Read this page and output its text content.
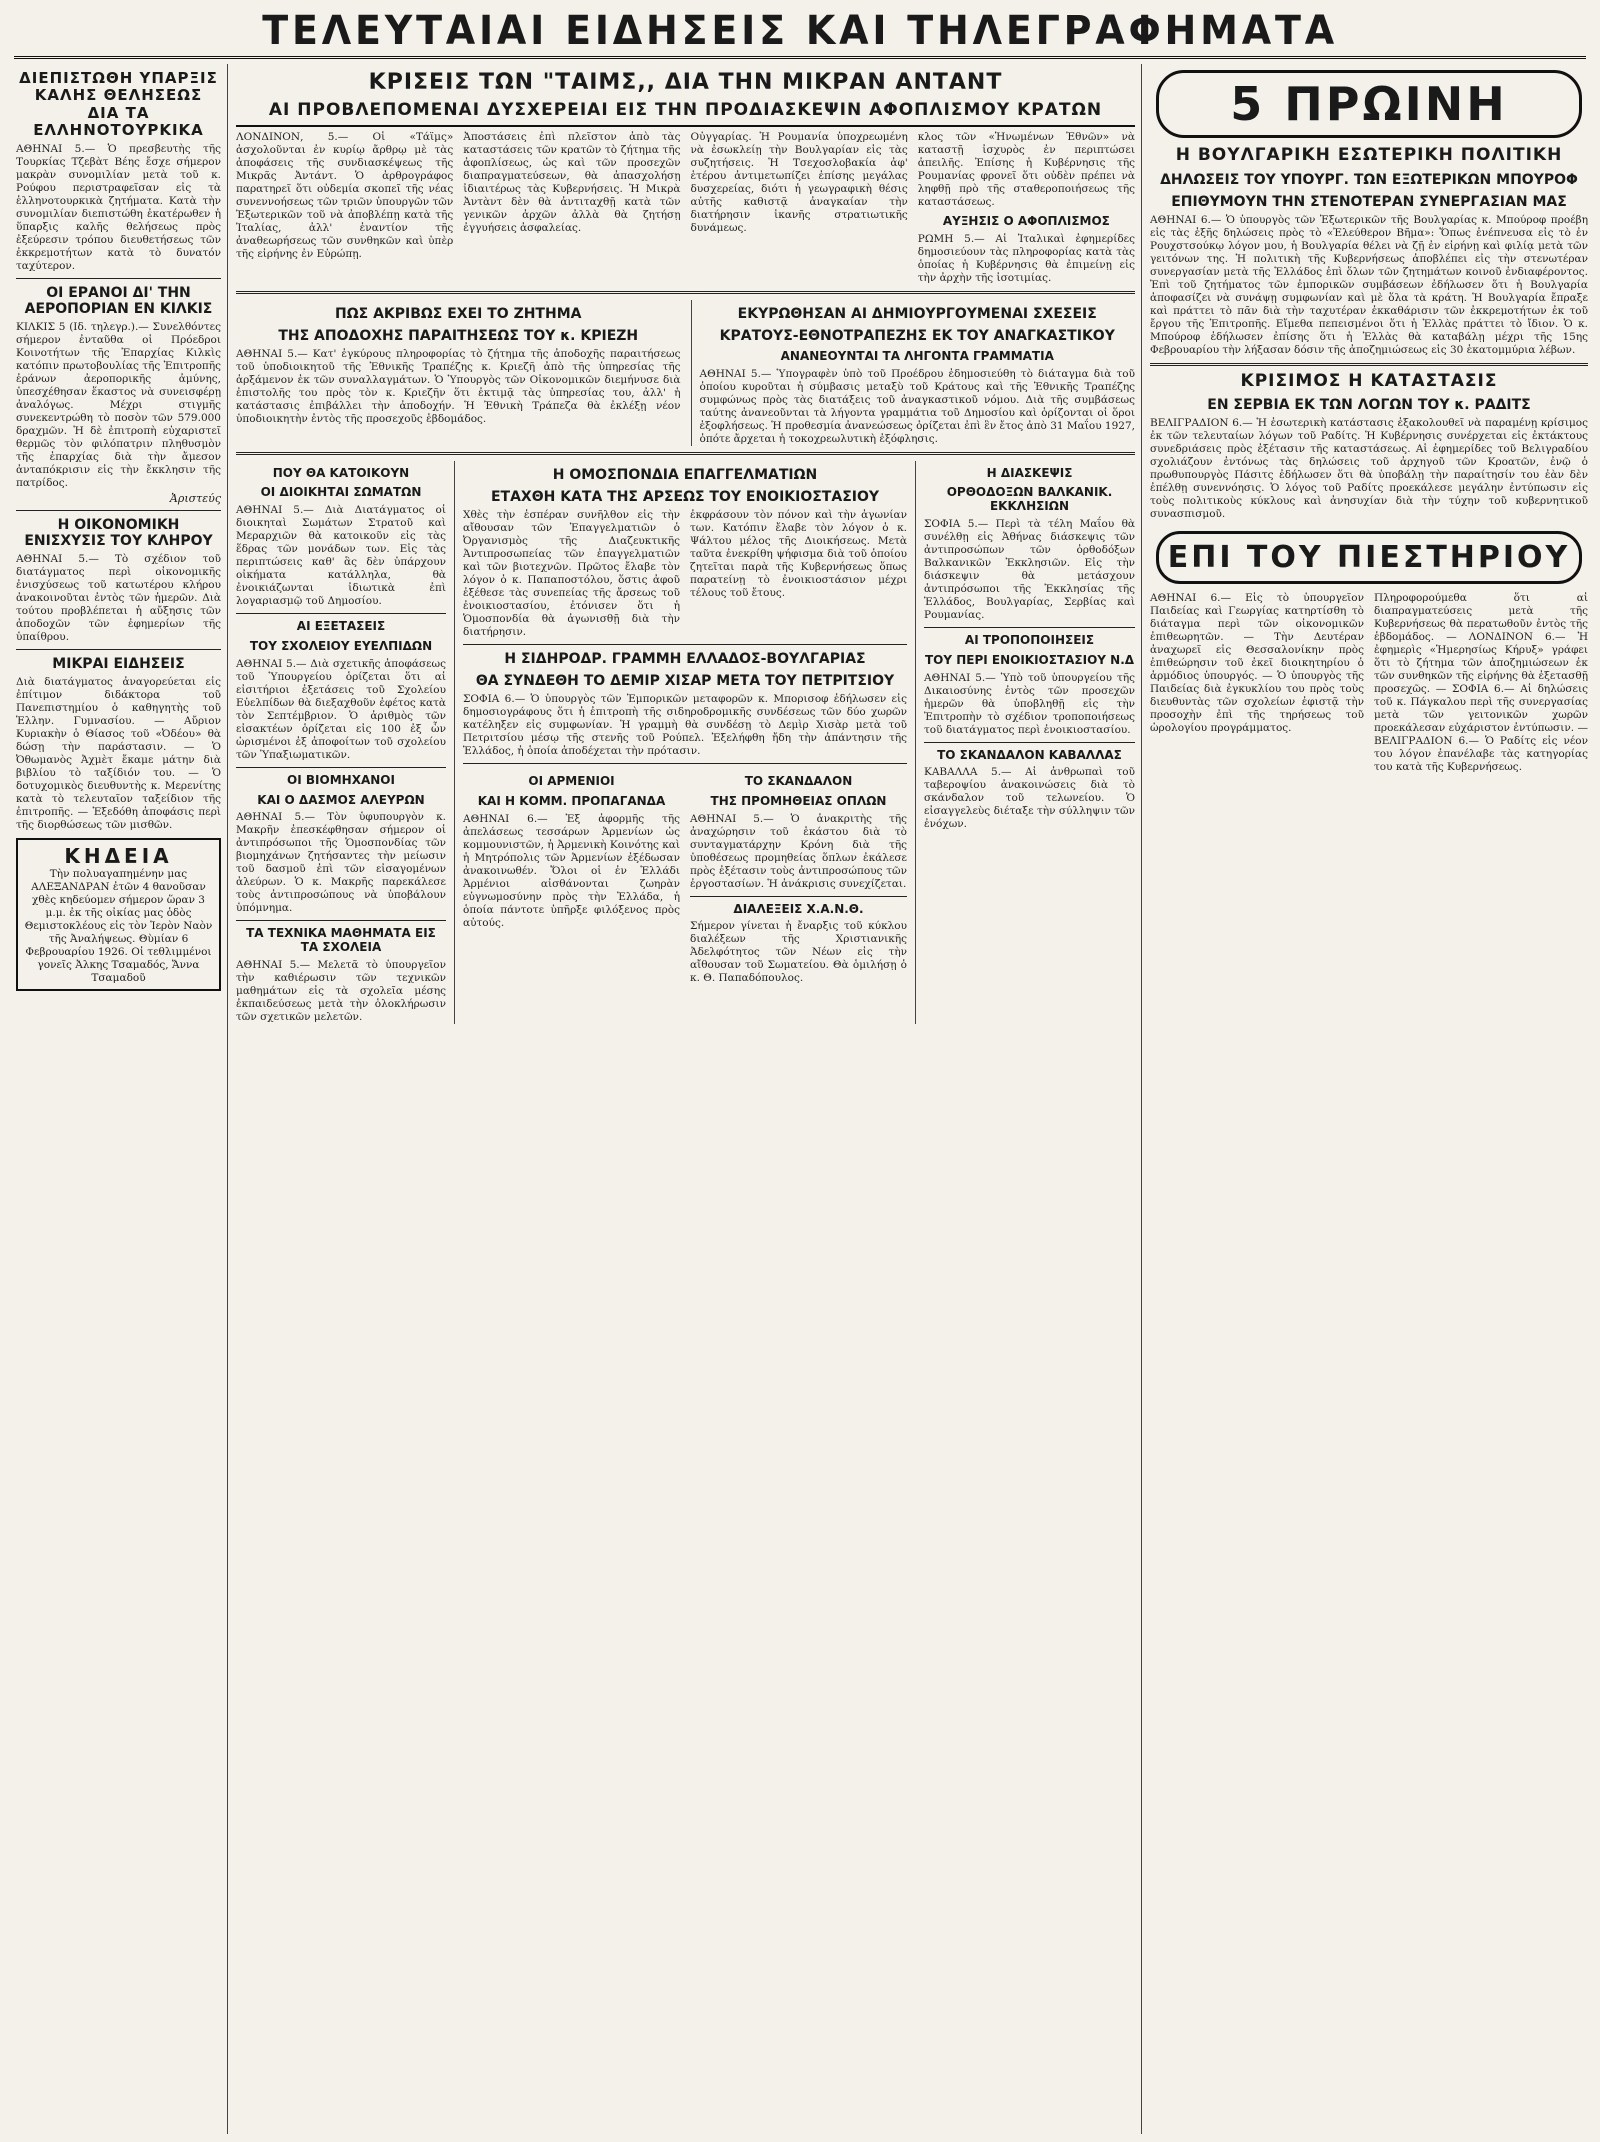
ΤΕΛΕΥΤΑΙΑΙ ΕΙΔΗΣΕΙΣ ΚΑΙ ΤΗΛΕΓΡΑΦΗΜΑΤΑ
ΔΙΕΠΙΣΤΩΘΗ ΥΠΑΡΞΙΣ ΚΑΛΗΣ ΘΕΛΗΣΕΩΣ ΔΙΑ ΤΑ ΕΛΛΗΝΟΤΟΥΡΚΙΚΑ
ΑΘΗΝΑΙ 5.— Ὁ πρεσβευτὴς τῆς Τουρκίας Τζεβὰτ Βέης ἔσχε σήμερον μακρὰν συνομιλίαν μετὰ τοῦ κ. Ρούφου περιστραφεῖσαν εἰς τὰ ἑλληνοτουρκικὰ ζητήματα. Κατὰ τὴν συνομιλίαν διεπιστώθη ἐκατέρωθεν ἡ ὕπαρξις καλῆς θελήσεως πρὸς ἐξεύρεσιν τρόπου διευθετήσεως τῶν ἐκκρεμοτήτων κατὰ τὸ δυνατόν ταχύτερον.
ΟΙ ΕΡΑΝΟΙ ΔΙ' ΤΗΝ ΑΕΡΟΠΟΡΙΑΝ ΕΝ ΚΙΛΚΙΣ
ΚΙΛΚΙΣ 5 (Ιδ. τηλεγρ.).— Συνελθόντες σήμερον ἐνταῦθα οἱ Πρόεδροι Κοινοτήτων τῆς Ἐπαρχίας Κιλκὶς κατόπιν πρωτοβουλίας τῆς Ἐπιτροπῆς ἐράνων ἀεροπορικῆς ἀμύνης, ὑπεσχέθησαν ἕκαστος νὰ συνεισφέρῃ ἀναλόγως. Μέχρι στιγμῆς συνεκεντρώθη τὸ ποσὸν τῶν 579.000 δραχμῶν. Ἡ δὲ ἐπιτροπὴ εὐχαριστεῖ θερμῶς τὸν φιλόπατριν πληθυσμὸν τῆς ἐπαρχίας διὰ τὴν ἄμεσον ἀνταπόκρισιν εἰς τὴν ἔκκλησιν τῆς πατρίδος.
Ἀριστεύς
Η ΟΙΚΟΝΟΜΙΚΗ ΕΝΙΣΧΥΣΙΣ ΤΟΥ ΚΛΗΡΟΥ
ΑΘΗΝΑΙ 5.— Τὸ σχέδιον τοῦ διατάγματος περὶ οἰκονομικῆς ἐνισχύσεως τοῦ κατωτέρου κλήρου ἀνακοινοῦται ἐντὸς τῶν ἡμερῶν. Διὰ τούτου προβλέπεται ἡ αὔξησις τῶν ἀποδοχῶν τῶν ἐφημερίων τῆς ὑπαίθρου.
ΜΙΚΡΑΙ ΕΙΔΗΣΕΙΣ
Διὰ διατάγματος ἀναγορεύεται εἰς ἐπίτιμον διδάκτορα τοῦ Πανεπιστημίου ὁ καθηγητὴς τοῦ Ἑλλην. Γυμνασίου. — Αὔριον Κυριακὴν ὁ Θίασος τοῦ «Ὀδέου» θὰ δώσῃ τὴν παράστασιν. — Ὁ Ὀθωμανὸς Ἀχμὲτ ἔκαμε μάτην διὰ βιβλίου τὸ ταξίδιόν του. — Ὁ δοτυχομικὸς διευθυντὴς κ. Μερενίτης κατὰ τὸ τελευταῖον ταξείδιον τῆς ἐπιτροπῆς. — Ἐξεδόθη ἀποφάσις περὶ τῆς διορθώσεως τῶν μισθῶν.
ΚΗΔΕΙΑ
Τὴν πολυαγαπημένην μας ΑΛΕΞΑΝΔΡΑΝ ἐτῶν 4 θανοῦσαν χθὲς κηδεύομεν σήμερον ὥραν 3 μ.μ. ἐκ τῆς οἰκίας μας ὁδὸς Θεμιστοκλέους εἰς τὸν Ἱερὸν Ναὸν τῆς Ἀναλήψεως. Θὺμίαν 6 Φεβρουαρίου 1926. Οἱ τεθλιμμένοι γονεῖς Ἀλκης Τσαμαδός, Ἄννα Τσαμαδοῦ
ΚΡΙΣΕΙΣ ΤΩΝ "ΤΑΙΜΣ,, ΔΙΑ ΤΗΝ ΜΙΚΡΑΝ ΑΝΤΑΝΤ
ΑΙ ΠΡΟΒΛΕΠΟΜΕΝΑΙ ΔΥΣΧΕΡΕΙΑΙ ΕΙΣ ΤΗΝ ΠΡΟΔΙΑΣΚΕΨΙΝ ΑΦΟΠΛΙΣΜΟΥ ΚΡΑΤΩΝ
ΛΟΝΔΙΝΟΝ, 5.— Οἱ «Τάϊμς» ἀσχολοῦνται ἐν κυρίῳ ἄρθρῳ μὲ τὰς ἀποφάσεις τῆς συνδιασκέψεως τῆς Μικρᾶς Ἀντάντ. Ὁ ἀρθρογράφος παρατηρεῖ ὅτι οὐδεμία σκοπεῖ τῆς νέας συνεννοήσεως τῶν τριῶν ὑπουργῶν τῶν Ἐξωτερικῶν τοῦ νὰ ἀποβλέπῃ κατὰ τῆς Ἰταλίας, ἀλλ' ἐναντίον τῆς ἀναθεωρήσεως τῶν συνθηκῶν καὶ ὑπὲρ τῆς εἰρήνης ἐν Εὐρώπῃ.
Ἀποστάσεις ἐπὶ πλεῖστον ἀπὸ τὰς καταστάσεις τῶν κρατῶν τὸ ζήτημα τῆς ἀφοπλίσεως, ὡς καὶ τῶν προσεχῶν διαπραγματεύσεων, θὰ ἀπασχολήσῃ ἰδιαιτέρως τὰς Κυβερνήσεις. Ἡ Μικρὰ Ἀντὰντ δὲν θὰ ἀντιταχθῇ κατὰ τῶν γενικῶν ἀρχῶν ἀλλὰ θὰ ζητήσῃ ἐγγυήσεις ἀσφαλείας.
Οὐγγαρίας. Ἡ Ρουμανία ὑποχρεωμένη νὰ ἐσωκλείῃ τὴν Βουλγαρίαν εἰς τὰς συζητήσεις. Ἡ Τσεχοσλοβακία ἀφ' ἑτέρου ἀντιμετωπίζει ἐπίσης μεγάλας δυσχερείας, διότι ἡ γεωγραφικὴ θέσις αὐτῆς καθιστᾷ ἀναγκαίαν τὴν διατήρησιν ἱκανῆς στρατιωτικῆς δυνάμεως.
κλος τῶν «Ἡνωμένων Ἐθνῶν» νὰ καταστῇ ἰσχυρὸς ἐν περιπτώσει ἀπειλῆς. Ἐπίσης ἡ Κυβέρνησις τῆς Ρουμανίας φρονεῖ ὅτι οὐδὲν πρέπει νὰ ληφθῇ πρὸ τῆς σταθεροποιήσεως τῆς καταστάσεως.
ΑΥΞΗΣΙΣ Ο ΑΦΟΠΛΙΣΜΟΣ
ΡΩΜΗ 5.— Αἱ Ἰταλικαὶ ἐφημερίδες δημοσιεύουν τὰς πληροφορίας κατὰ τὰς ὁποίας ἡ Κυβέρνησις θὰ ἐπιμείνῃ εἰς τὴν ἀρχὴν τῆς ἰσοτιμίας.
ΠΩΣ ΑΚΡΙΒΩΣ ΕΧΕΙ ΤΟ ΖΗΤΗΜΑ
ΤΗΣ ΑΠΟΔΟΧΗΣ ΠΑΡΑΙΤΗΣΕΩΣ ΤΟΥ κ. ΚΡΙΕΖΗ
ΑΘΗΝΑΙ 5.— Κατ' ἐγκύρους πληροφορίας τὸ ζήτημα τῆς ἀποδοχῆς παραιτήσεως τοῦ ὑποδιοικητοῦ τῆς Ἐθνικῆς Τραπέζης κ. Κριεζῆ ἀπὸ τῆς ὑπηρεσίας τῆς ἀρξάμενον ἐκ τῶν συναλλαγμάτων. Ὁ Ὑπουργὸς τῶν Οἰκονομικῶν διεμήνυσε διὰ ἐπιστολῆς του πρὸς τὸν κ. Κριεζῆν ὅτι ἐκτιμᾷ τὰς ὑπηρεσίας του, ἀλλ' ἡ κατάστασις ἐπιβάλλει τὴν ἀποδοχήν. Ἡ Ἐθνικὴ Τράπεζα θὰ ἐκλέξῃ νέον ὑποδιοικητὴν ἐντὸς τῆς προσεχοῦς ἑβδομάδος.
ΕΚΥΡΩΘΗΣΑΝ ΑΙ ΔΗΜΙΟΥΡΓΟΥΜΕΝΑΙ ΣΧΕΣΕΙΣ
ΚΡΑΤΟΥΣ-ΕΘΝΟΤΡΑΠΕΖΗΣ ΕΚ ΤΟΥ ΑΝΑΓΚΑΣΤΙΚΟΥ
ΑΝΑΝΕΟΥΝΤΑΙ ΤΑ ΛΗΓΟΝΤΑ ΓΡΑΜΜΑΤΙΑ
ΑΘΗΝΑΙ 5.— Ὑπογραφὲν ὑπὸ τοῦ Προέδρου ἐδημοσιεύθη τὸ διάταγμα διὰ τοῦ ὁποίου κυροῦται ἡ σύμβασις μεταξὺ τοῦ Κράτους καὶ τῆς Ἐθνικῆς Τραπέζης συμφώνως πρὸς τὰς διατάξεις τοῦ ἀναγκαστικοῦ νόμου. Διὰ τῆς συμβάσεως ταύτης ἀνανεοῦνται τὰ λήγοντα γραμμάτια τοῦ Δημοσίου καὶ ὁρίζονται οἱ ὅροι ἐξοφλήσεως. Ἡ προθεσμία ἀνανεώσεως ὁρίζεται ἐπὶ ἓν ἔτος ἀπὸ 31 Μαΐου 1927, ὁπότε ἄρχεται ἡ τοκοχρεωλυτικὴ ἐξόφλησις.
ΠΟΥ ΘΑ ΚΑΤΟΙΚΟΥΝ
ΟΙ ΔΙΟΙΚΗΤΑΙ ΣΩΜΑΤΩΝ
ΑΘΗΝΑΙ 5.— Διὰ Διατάγματος οἱ διοικηταὶ Σωμάτων Στρατοῦ καὶ Μεραρχιῶν θὰ κατοικοῦν εἰς τὰς ἕδρας τῶν μονάδων των. Εἰς τὰς περιπτώσεις καθ' ἃς δὲν ὑπάρχουν οἰκήματα κατάλληλα, θὰ ἐνοικιάζωνται ἰδιωτικὰ ἐπὶ λογαριασμῷ τοῦ Δημοσίου.
ΑΙ ΕΞΕΤΑΣΕΙΣ
ΤΟΥ ΣΧΟΛΕΙΟΥ ΕΥΕΛΠΙΔΩΝ
ΑΘΗΝΑΙ 5.— Διὰ σχετικῆς ἀποφάσεως τοῦ Ὑπουργείου ὁρίζεται ὅτι αἱ εἰσιτήριοι ἐξετάσεις τοῦ Σχολείου Εὐελπίδων θὰ διεξαχθοῦν ἐφέτος κατὰ τὸν Σεπτέμβριον. Ὁ ἀριθμὸς τῶν εἰσακτέων ὁρίζεται εἰς 100 ἐξ ὧν ὠρισμένοι ἐξ ἀποφοίτων τοῦ σχολείου τῶν Ὑπαξιωματικῶν.
ΟΙ ΒΙΟΜΗΧΑΝΟΙ
ΚΑΙ Ο ΔΑΣΜΟΣ ΑΛΕΥΡΩΝ
ΑΘΗΝΑΙ 5.— Τὸν ὑφυπουργὸν κ. Μακρῆν ἐπεσκέφθησαν σήμερον οἱ ἀντιπρόσωποι τῆς Ὁμοσπονδίας τῶν βιομηχάνων ζητήσαντες τὴν μείωσιν τοῦ δασμοῦ ἐπὶ τῶν εἰσαγομένων ἀλεύρων. Ὁ κ. Μακρῆς παρεκάλεσε τοὺς ἀντιπροσώπους νὰ ὑποβάλουν ὑπόμνημα.
ΤΑ ΤΕΧΝΙΚΑ ΜΑΘΗΜΑΤΑ ΕΙΣ ΤΑ ΣΧΟΛΕΙΑ
ΑΘΗΝΑΙ 5.— Μελετᾶ τὸ ὑπουργεῖον τὴν καθιέρωσιν τῶν τεχνικῶν μαθημάτων εἰς τὰ σχολεῖα μέσης ἐκπαιδεύσεως μετὰ τὴν ὁλοκλήρωσιν τῶν σχετικῶν μελετῶν.
Η ΟΜΟΣΠΟΝΔΙΑ ΕΠΑΓΓΕΛΜΑΤΙΩΝ
ΕΤΑΧΘΗ ΚΑΤΑ ΤΗΣ ΑΡΣΕΩΣ ΤΟΥ ΕΝΟΙΚΙΟΣΤΑΣΙΟΥ
Χθὲς τὴν ἑσπέραν συνῆλθον εἰς τὴν αἴθουσαν τῶν Ἐπαγγελματιῶν ὁ Ὀργανισμὸς τῆς Διαζευκτικῆς Ἀντιπροσωπείας τῶν ἐπαγγελματιῶν καὶ τῶν βιοτεχνῶν. Πρῶτος ἔλαβε τὸν λόγον ὁ κ. Παπαποστόλου, ὅστις ἀφοῦ ἐξέθεσε τὰς συνεπείας τῆς ἄρσεως τοῦ ἐνοικιοστασίου, ἐτόνισεν ὅτι ἡ Ὁμοσπονδία θὰ ἀγωνισθῇ διὰ τὴν διατήρησιν.
ἐκφράσουν τὸν πόνον καὶ τὴν ἀγωνίαν των. Κατόπιν ἔλαβε τὸν λόγον ὁ κ. Ψάλτου μέλος τῆς Διοικήσεως. Μετὰ ταῦτα ἐνεκρίθη ψήφισμα διὰ τοῦ ὁποίου ζητεῖται παρὰ τῆς Κυβερνήσεως ὅπως παρατείνῃ τὸ ἐνοικιοστάσιον μέχρι τέλους τοῦ ἔτους.
Η ΣΙΔΗΡΟΔΡ. ΓΡΑΜΜΗ ΕΛΛΑΔΟΣ-ΒΟΥΛΓΑΡΙΑΣ
ΘΑ ΣΥΝΔΕΘΗ ΤΟ ΔΕΜΙΡ ΧΙΣΑΡ ΜΕΤΑ ΤΟΥ ΠΕΤΡΙΤΣΙΟΥ
ΣΟΦΙΑ 6.— Ὁ ὑπουργὸς τῶν Ἐμπορικῶν μεταφορῶν κ. Μπορισοφ ἐδήλωσεν εἰς δημοσιογράφους ὅτι ἡ ἐπιτροπὴ τῆς σιδηροδρομικῆς συνδέσεως τῶν δύο χωρῶν κατέληξεν εἰς συμφωνίαν. Ἡ γραμμὴ θὰ συνδέσῃ τὸ Δεμὶρ Χισὰρ μετὰ τοῦ Πετριτσίου μέσῳ τῆς στενῆς τοῦ Ρούπελ. Ἐξελήφθη ἤδη τὴν ἀπάντησιν τῆς Ἑλλάδος, ἡ ὁποία ἀποδέχεται τὴν πρότασιν.
ΟΙ ΑΡΜΕΝΙΟΙ
ΚΑΙ Η ΚΟΜΜ. ΠΡΟΠΑΓΑΝΔΑ
ΑΘΗΝΑΙ 6.— Ἐξ ἀφορμῆς τῆς ἀπελάσεως τεσσάρων Ἀρμενίων ὡς κομμουνιστῶν, ἡ Ἀρμενικὴ Κοινότης καὶ ἡ Μητρόπολις τῶν Ἀρμενίων ἐξέδωσαν ἀνακοινωθέν. Ὅλοι οἱ ἐν Ἑλλάδι Ἀρμένιοι αἰσθάνονται ζωηρὰν εὐγνωμοσύνην πρὸς τὴν Ἑλλάδα, ἡ ὁποία πάντοτε ὑπῆρξε φιλόξενος πρὸς αὐτούς.
ΤΟ ΣΚΑΝΔΑΛΟΝ
ΤΗΣ ΠΡΟΜΗΘΕΙΑΣ ΟΠΛΩΝ
ΑΘΗΝΑΙ 5.— Ὁ ἀνακριτὴς τῆς ἀναχώρησιν τοῦ ἑκάστου διὰ τὸ συνταγματάρχην Κρόνη διὰ τῆς ὑποθέσεως προμηθείας ὅπλων ἐκάλεσε πρὸς ἐξέτασιν τοὺς ἀντιπροσώπους τῶν ἐργοστασίων. Ἡ ἀνάκρισις συνεχίζεται.
ΔΙΑΛΕΞΕΙΣ Χ.Α.Ν.Θ.
Σήμερον γίνεται ἡ ἔναρξις τοῦ κύκλου διαλέξεων τῆς Χριστιανικῆς Ἀδελφότητος τῶν Νέων εἰς τὴν αἴθουσαν τοῦ Σωματείου. Θὰ ὁμιλήσῃ ὁ κ. Θ. Παπαδόπουλος.
Η ΔΙΑΣΚΕΨΙΣ
ΟΡΘΟΔΟΞΩΝ ΒΑΛΚΑΝΙΚ. ΕΚΚΛΗΣΙΩΝ
ΣΟΦΙΑ 5.— Περὶ τὰ τέλη Μαΐου θὰ συνέλθῃ εἰς Ἀθήνας διάσκεψις τῶν ἀντιπροσώπων τῶν ὀρθοδόξων Βαλκανικῶν Ἐκκλησιῶν. Εἰς τὴν διάσκεψιν θὰ μετάσχουν ἀντιπρόσωποι τῆς Ἐκκλησίας τῆς Ἑλλάδος, Βουλγαρίας, Σερβίας καὶ Ρουμανίας.
ΑΙ ΤΡΟΠΟΠΟΙΗΣΕΙΣ
ΤΟΥ ΠΕΡΙ ΕΝΟΙΚΙΟΣΤΑΣΙΟΥ Ν.Δ
ΑΘΗΝΑΙ 5.— Ὑπὸ τοῦ ὑπουργείου τῆς Δικαιοσύνης ἐντὸς τῶν προσεχῶν ἡμερῶν θὰ ὑποβληθῇ εἰς τὴν Ἐπιτροπὴν τὸ σχέδιον τροποποιήσεως τοῦ διατάγματος περὶ ἐνοικιοστασίου.
ΤΟ ΣΚΑΝΔΑΛΟΝ ΚΑΒΑΛΛΑΣ
ΚΑΒΑΛΛΑ 5.— Αἱ ἀνθρωπαὶ τοῦ ταβεροψίου ἀνακοινώσεις διὰ τὸ σκάνδαλον τοῦ τελωνείου. Ὁ εἰσαγγελεὺς διέταξε τὴν σύλληψιν τῶν ἐνόχων.
5 ΠΡΩΙΝΗ
Η ΒΟΥΛΓΑΡΙΚΗ ΕΣΩΤΕΡΙΚΗ ΠΟΛΙΤΙΚΗ
ΔΗΛΩΣΕΙΣ ΤΟΥ ΥΠΟΥΡΓ. ΤΩΝ ΕΞΩΤΕΡΙΚΩΝ ΜΠΟΥΡΟΦ
ΕΠΙΘΥΜΟΥΝ ΤΗΝ ΣΤΕΝΟΤΕΡΑΝ ΣΥΝΕΡΓΑΣΙΑΝ ΜΑΣ
ΑΘΗΝΑΙ 6.— Ὁ ὑπουργὸς τῶν Ἐξωτερικῶν τῆς Βουλγαρίας κ. Μπούροφ προέβη εἰς τὰς ἑξῆς δηλώσεις πρὸς τὸ «Ἐλεύθερον Βῆμα»: Ὅπως ἐνέπνευσα εἰς τὸ ἐν Ρουχστσούκῳ λόγον μου, ἡ Βουλγαρία θέλει νὰ ζῇ ἐν εἰρήνῃ καὶ φιλίᾳ μετὰ τῶν γειτόνων της. Ἡ πολιτικὴ τῆς Κυβερνήσεως ἀποβλέπει εἰς τὴν στενωτέραν συνεργασίαν μετὰ τῆς Ἑλλάδος ἐπὶ ὅλων τῶν ζητημάτων κοινοῦ ἐνδιαφέροντος. Ἐπὶ τοῦ ζητήματος τῶν ἐμπορικῶν συμβάσεων ἐδήλωσεν ὅτι ἡ Βουλγαρία ἀποφασίζει νὰ συνάψῃ συμφωνίαν καὶ μὲ ὅλα τὰ κράτη. Ἡ Βουλγαρία ἔπραξε καὶ πράττει τὸ πᾶν διὰ τὴν ταχυτέραν ἐκκαθάρισιν τῶν ἐκκρεμοτήτων ἐκ τοῦ ἔργου τῆς Ἐπιτροπῆς. Εἴμεθα πεπεισμένοι ὅτι ἡ Ἑλλὰς πράττει τὸ ἴδιον. Ὁ κ. Μπούροφ ἐδήλωσεν ἐπίσης ὅτι ἡ Ἑλλὰς θὰ καταβάλῃ μέχρι τῆς 15ης Φεβρουαρίου τὴν λήξασαν δόσιν τῆς ἀποζημιώσεως εἰς 30 ἑκατομμύρια λέβων.
ΚΡΙΣΙΜΟΣ Η ΚΑΤΑΣΤΑΣΙΣ
ΕΝ ΣΕΡΒΙΑ ΕΚ ΤΩΝ ΛΟΓΩΝ ΤΟΥ κ. ΡΑΔΙΤΣ
ΒΕΛΙΓΡΑΔΙΟΝ 6.— Ἡ ἐσωτερικὴ κατάστασις ἐξακολουθεῖ νὰ παραμένῃ κρίσιμος ἐκ τῶν τελευταίων λόγων τοῦ Ραδίτς. Ἡ Κυβέρνησις συνέρχεται εἰς ἐκτάκτους συνεδριάσεις πρὸς ἐξέτασιν τῆς καταστάσεως. Αἱ ἐφημερίδες τοῦ Βελιγραδίου σχολιάζουν ἐντόνως τὰς δηλώσεις τοῦ ἀρχηγοῦ τῶν Κροατῶν, ἐνῷ ὁ πρωθυπουργὸς Πάσιτς ἐδήλωσεν ὅτι θὰ ὑποβάλῃ τὴν παραίτησίν του ἐὰν δὲν ἐπέλθῃ συνεννόησις. Ὁ λόγος τοῦ Ραδίτς προεκάλεσε μεγάλην ἐντύπωσιν εἰς τοὺς πολιτικοὺς κύκλους καὶ ἀνησυχίαν διὰ τὴν τύχην τοῦ κυβερνητικοῦ συνασπισμοῦ.
ΕΠΙ ΤΟΥ ΠΙΕΣΤΗΡΙΟΥ
ΑΘΗΝΑΙ 6.— Εἰς τὸ ὑπουργεῖον Παιδείας καὶ Γεωργίας κατηρτίσθη τὸ διάταγμα περὶ τῶν οἰκονομικῶν ἐπιθεωρητῶν. — Τὴν Δευτέραν ἀναχωρεῖ εἰς Θεσσαλονίκην πρὸς ἐπιθεώρησιν τοῦ ἐκεῖ διοικητηρίου ὁ ἁρμόδιος ὑπουργός. — Ὁ ὑπουργὸς τῆς Παιδείας διὰ ἐγκυκλίου του πρὸς τοὺς διευθυντὰς τῶν σχολείων ἐφιστᾷ τὴν προσοχὴν ἐπὶ τῆς τηρήσεως τοῦ ὡρολογίου προγράμματος.
Πληροφορούμεθα ὅτι αἱ διαπραγματεύσεις μετὰ τῆς Κυβερνήσεως θὰ περατωθοῦν ἐντὸς τῆς ἑβδομάδος. — ΛΟΝΔΙΝΟΝ 6.— Ἡ ἐφημερὶς «Ἡμερησίως Κήρυξ» γράφει ὅτι τὸ ζήτημα τῶν ἀποζημιώσεων ἐκ τῶν συνθηκῶν τῆς εἰρήνης θὰ ἐξετασθῇ προσεχῶς. — ΣΟΦΙΑ 6.— Αἱ δηλώσεις τοῦ κ. Πάγκαλου περὶ τῆς συνεργασίας μετὰ τῶν γειτονικῶν χωρῶν προεκάλεσαν εὐχάριστον ἐντύπωσιν. — ΒΕΛΙΓΡΑΔΙΟΝ 6.— Ὁ Ραδίτς εἰς νέον του λόγον ἐπανέλαβε τὰς κατηγορίας του κατὰ τῆς Κυβερνήσεως.
